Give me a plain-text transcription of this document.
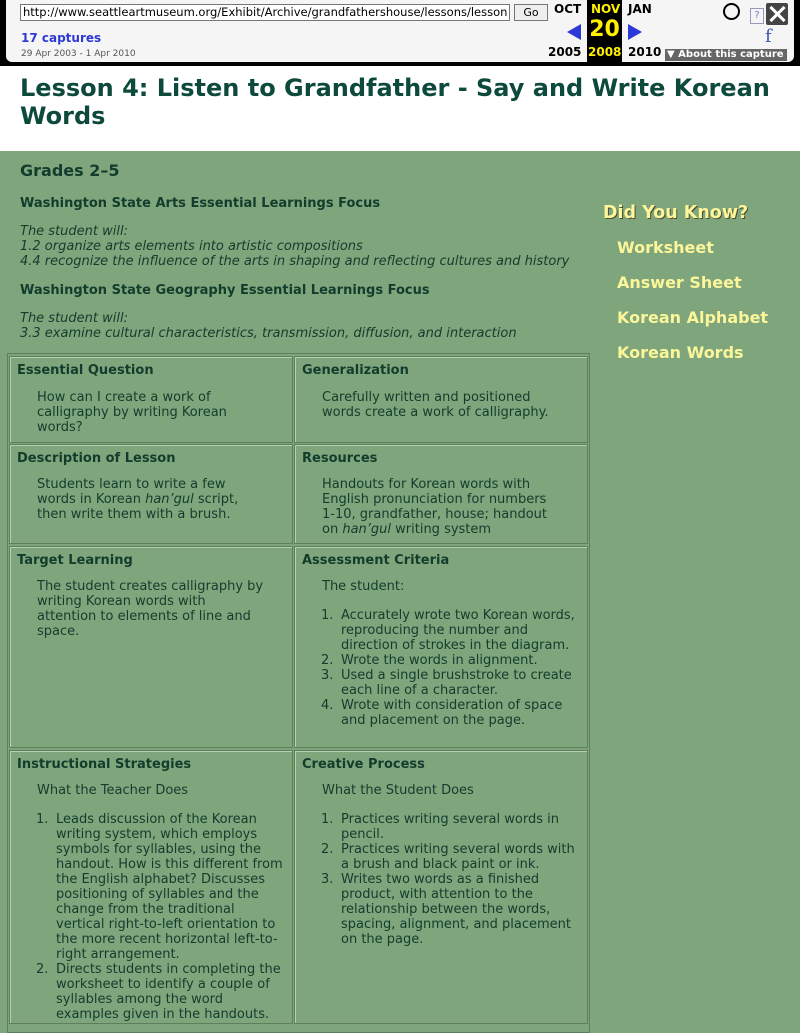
http://www.seattleartmuseum.org/Exhibit/Archive/grandfathershouse/lessons/lesson4.htm
Go
17 captures
29 Apr 2003 - 1 Apr 2010
OCT NOV JAN
20
2005 2008 2010
?
f
▼ About this capture
Lesson 4: Listen to Grandfather - Say and Write Korean Words
Grades 2–5
Washington State Arts Essential Learnings Focus
The student will:
1.2 organize arts elements into artistic compositions
4.4 recognize the influence of the arts in shaping and reflecting cultures and history
Washington State Geography Essential Learnings Focus
The student will:
3.3 examine cultural characteristics, transmission, diffusion, and interaction
Did You Know?
Worksheet
Answer Sheet
Korean Alphabet
Korean Words
Essential Question
How can I create a work of
calligraphy by writing Korean
words?
Generalization
Carefully written and positioned
words create a work of calligraphy.
Description of Lesson
Students learn to write a few
words in Korean han’gul script,
then write them with a brush.
Resources
Handouts for Korean words with
English pronunciation for numbers
1-10, grandfather, house; handout
on han’gul writing system
Target Learning
The student creates calligraphy by
writing Korean words with
attention to elements of line and
space.
Assessment Criteria
The student:
1. Accurately wrote two Korean words,
reproducing the number and
direction of strokes in the diagram.
2. Wrote the words in alignment.
3. Used a single brushstroke to create
each line of a character.
4. Wrote with consideration of space
and placement on the page.
Instructional Strategies
What the Teacher Does
1. Leads discussion of the Korean
writing system, which employs
symbols for syllables, using the
handout. How is this different from
the English alphabet? Discusses
positioning of syllables and the
change from the traditional
vertical right-to-left orientation to
the more recent horizontal left-to-
right arrangement.
2. Directs students in completing the
worksheet to identify a couple of
syllables among the word
examples given in the handouts.
Creative Process
What the Student Does
1. Practices writing several words in
pencil.
2. Practices writing several words with
a brush and black paint or ink.
3. Writes two words as a finished
product, with attention to the
relationship between the words,
spacing, alignment, and placement
on the page.
